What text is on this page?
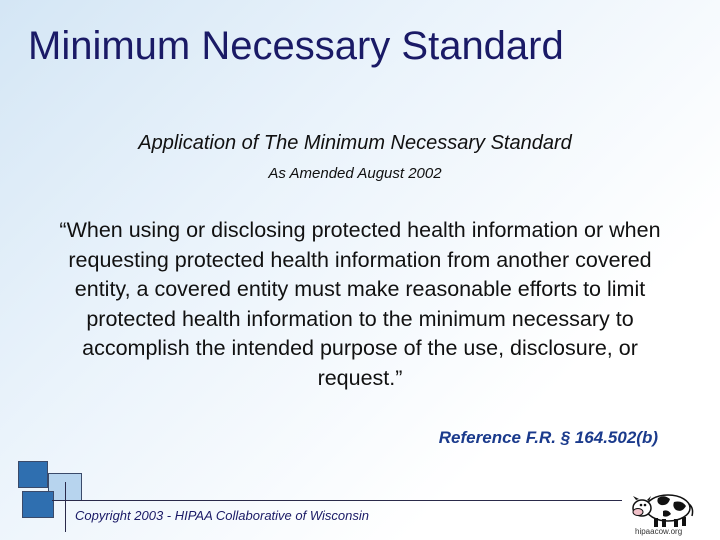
Minimum Necessary Standard
Application of The Minimum Necessary Standard
As Amended August 2002
“When using or disclosing protected health information or when requesting protected health information from another covered entity, a covered entity must make reasonable efforts to limit protected health information to the minimum necessary to accomplish the intended purpose of the use, disclosure, or request.”
Reference F.R. § 164.502(b)
Copyright 2003 - HIPAA Collaborative of Wisconsin
hipaacow.org
